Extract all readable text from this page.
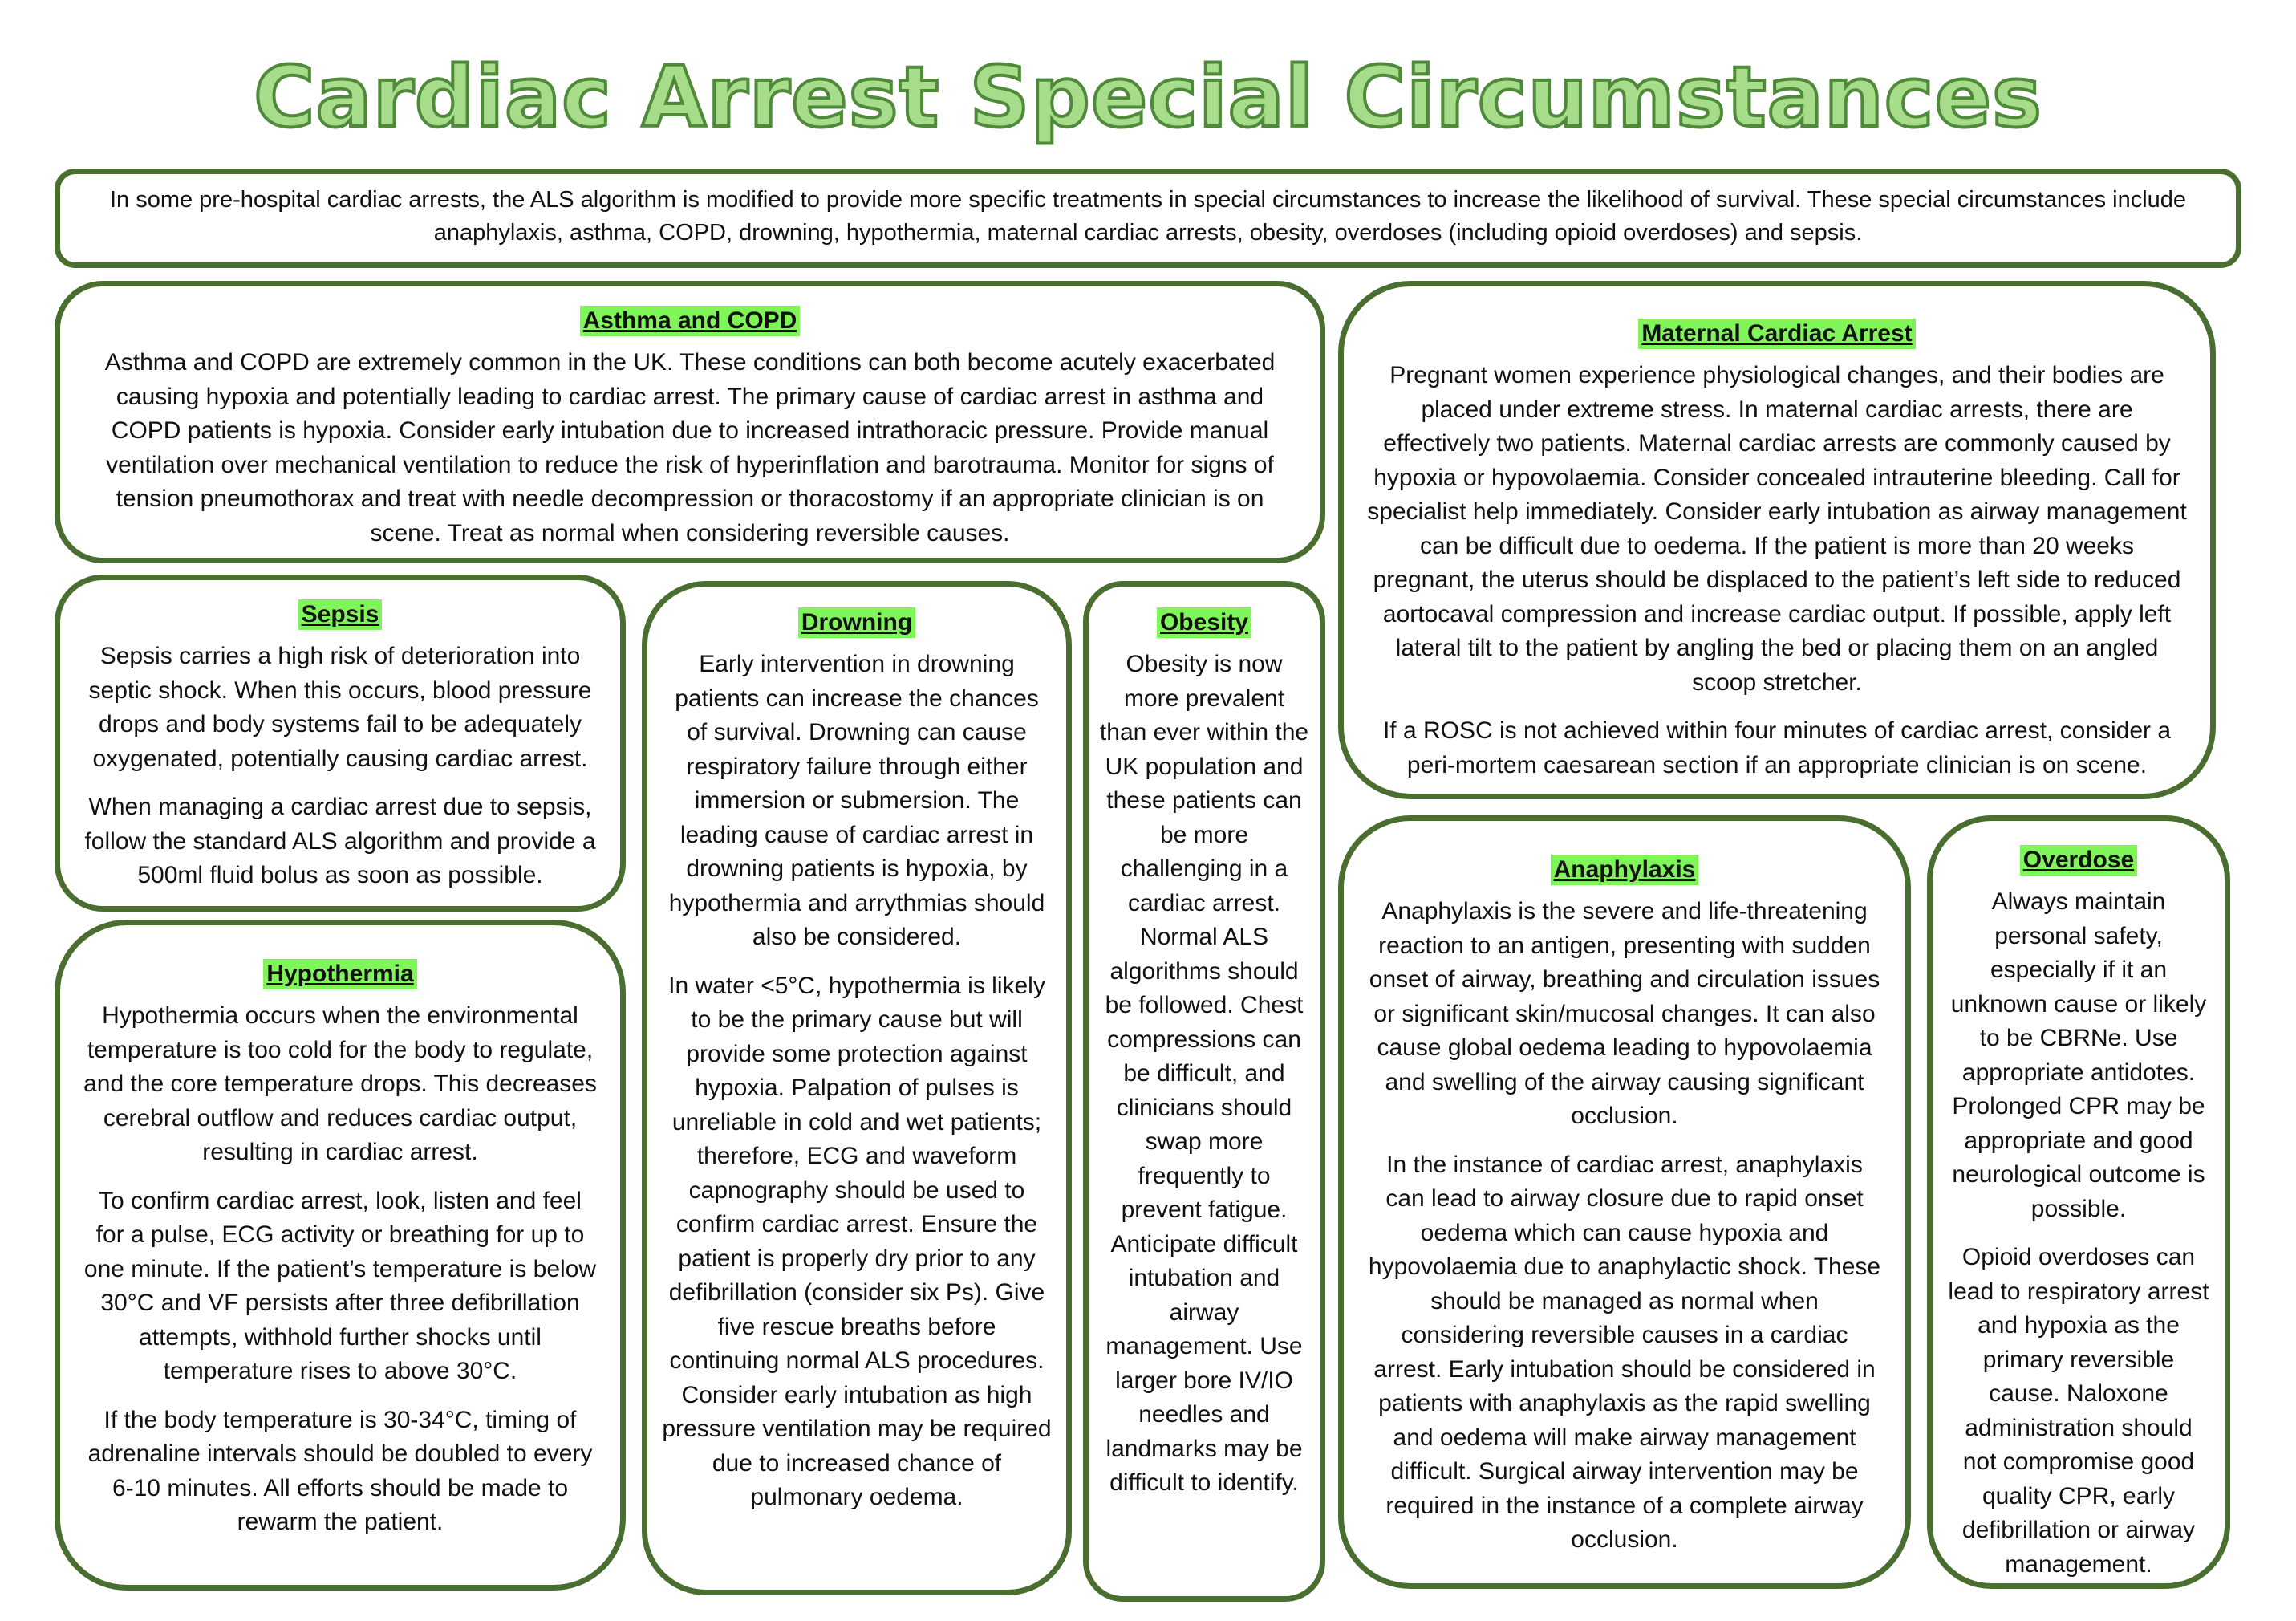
Cardiac Arrest Special Circumstances

In some pre-hospital cardiac arrests, the ALS algorithm is modified to provide more specific treatments in special circumstances to increase the likelihood of survival. These special circumstances include anaphylaxis, asthma, COPD, drowning, hypothermia, maternal cardiac arrests, obesity, overdoses (including opioid overdoses) and sepsis.

Asthma and COPD

Asthma and COPD are extremely common in the UK. These conditions can both become acutely exacerbated causing hypoxia and potentially leading to cardiac arrest. The primary cause of cardiac arrest in asthma and COPD patients is hypoxia. Consider early intubation due to increased intrathoracic pressure. Provide manual ventilation over mechanical ventilation to reduce the risk of hyperinflation and barotrauma. Monitor for signs of tension pneumothorax and treat with needle decompression or thoracostomy if an appropriate clinician is on scene. Treat as normal when considering reversible causes.

Maternal Cardiac Arrest

Pregnant women experience physiological changes, and their bodies are placed under extreme stress. In maternal cardiac arrests, there are effectively two patients. Maternal cardiac arrests are commonly caused by hypoxia or hypovolaemia. Consider concealed intrauterine bleeding. Call for specialist help immediately. Consider early intubation as airway management can be difficult due to oedema. If the patient is more than 20 weeks pregnant, the uterus should be displaced to the patient’s left side to reduced aortocaval compression and increase cardiac output. If possible, apply left lateral tilt to the patient by angling the bed or placing them on an angled scoop stretcher.

If a ROSC is not achieved within four minutes of cardiac arrest, consider a peri-mortem caesarean section if an appropriate clinician is on scene.

Sepsis

Sepsis carries a high risk of deterioration into septic shock. When this occurs, blood pressure drops and body systems fail to be adequately oxygenated, potentially causing cardiac arrest.

When managing a cardiac arrest due to sepsis, follow the standard ALS algorithm and provide a 500ml fluid bolus as soon as possible.

Hypothermia

Hypothermia occurs when the environmental temperature is too cold for the body to regulate, and the core temperature drops. This decreases cerebral outflow and reduces cardiac output, resulting in cardiac arrest.

To confirm cardiac arrest, look, listen and feel for a pulse, ECG activity or breathing for up to one minute. If the patient’s temperature is below 30°C and VF persists after three defibrillation attempts, withhold further shocks until temperature rises to above 30°C.

If the body temperature is 30-34°C, timing of adrenaline intervals should be doubled to every 6-10 minutes. All efforts should be made to rewarm the patient.

Drowning

Early intervention in drowning patients can increase the chances of survival. Drowning can cause respiratory failure through either immersion or submersion. The leading cause of cardiac arrest in drowning patients is hypoxia, by hypothermia and arrythmias should also be considered.

In water <5°C, hypothermia is likely to be the primary cause but will provide some protection against hypoxia. Palpation of pulses is unreliable in cold and wet patients; therefore, ECG and waveform capnography should be used to confirm cardiac arrest. Ensure the patient is properly dry prior to any defibrillation (consider six Ps). Give five rescue breaths before continuing normal ALS procedures. Consider early intubation as high pressure ventilation may be required due to increased chance of pulmonary oedema.

Obesity

Obesity is now more prevalent than ever within the UK population and these patients can be more challenging in a cardiac arrest. Normal ALS algorithms should be followed. Chest compressions can be difficult, and clinicians should swap more frequently to prevent fatigue. Anticipate difficult intubation and airway management. Use larger bore IV/IO needles and landmarks may be difficult to identify.

Anaphylaxis

Anaphylaxis is the severe and life-threatening reaction to an antigen, presenting with sudden onset of airway, breathing and circulation issues or significant skin/mucosal changes. It can also cause global oedema leading to hypovolaemia and swelling of the airway causing significant occlusion.

In the instance of cardiac arrest, anaphylaxis can lead to airway closure due to rapid onset oedema which can cause hypoxia and hypovolaemia due to anaphylactic shock. These should be managed as normal when considering reversible causes in a cardiac arrest. Early intubation should be considered in patients with anaphylaxis as the rapid swelling and oedema will make airway management difficult. Surgical airway intervention may be required in the instance of a complete airway occlusion.

Overdose

Always maintain personal safety, especially if it an unknown cause or likely to be CBRNe. Use appropriate antidotes. Prolonged CPR may be appropriate and good neurological outcome is possible.

Opioid overdoses can lead to respiratory arrest and hypoxia as the primary reversible cause. Naloxone administration should not compromise good quality CPR, early defibrillation or airway management.
